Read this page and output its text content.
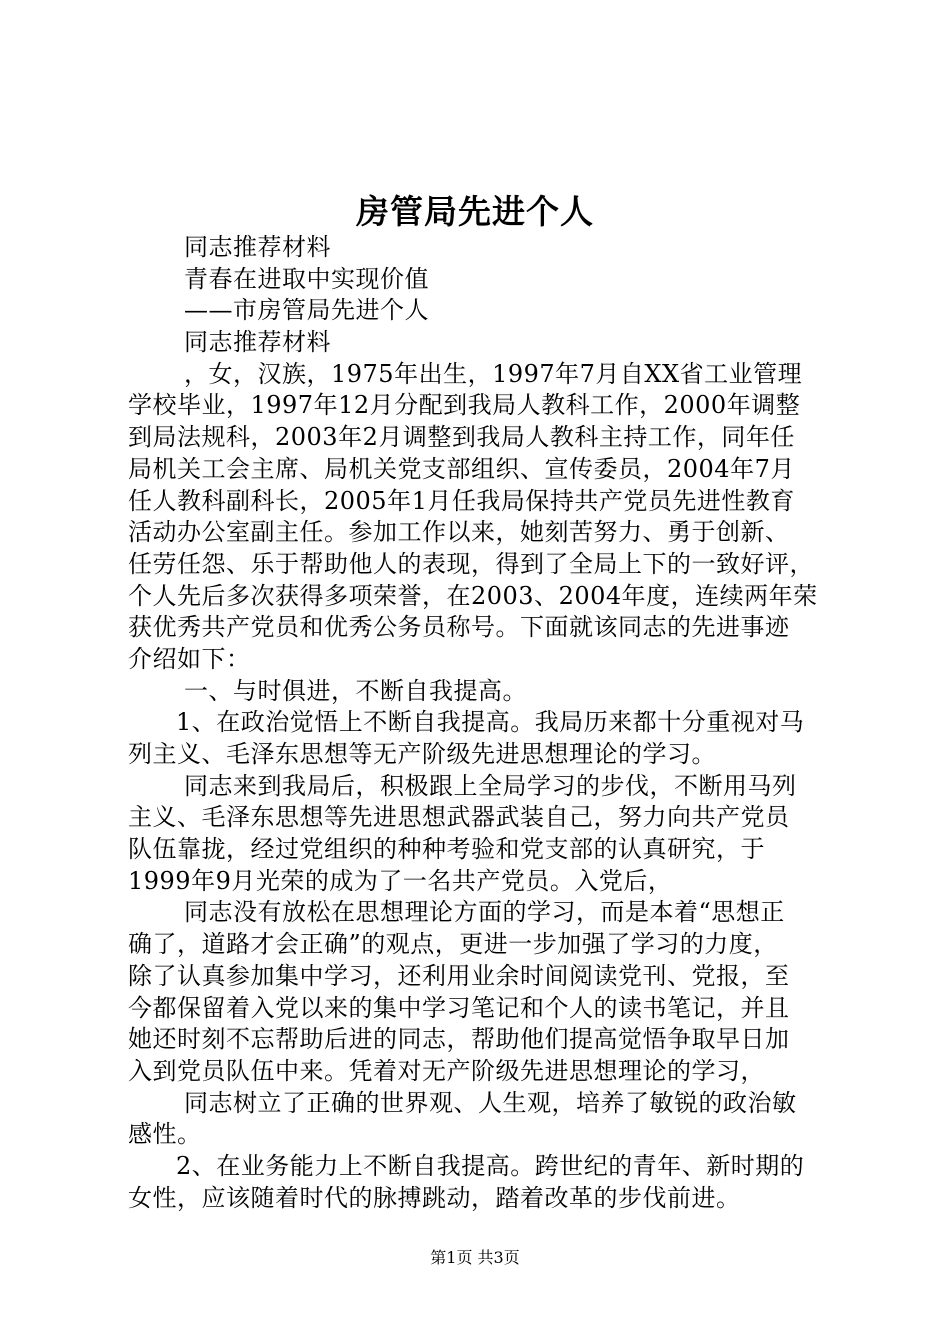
房管局先进个人
同志推荐材料
青春在进取中实现价值
——市房管局先进个人
同志推荐材料
，女，汉族，1975年出生，1997年7月自XX省工业管理
学校毕业，1997年12月分配到我局人教科工作，2000年调整
到局法规科，2003年2月调整到我局人教科主持工作，同年任
局机关工会主席、局机关党支部组织、宣传委员，2004年7月
任人教科副科长，2005年1月任我局保持共产党员先进性教育
活动办公室副主任。参加工作以来，她刻苦努力、勇于创新、
任劳任怨、乐于帮助他人的表现，得到了全局上下的一致好评，
个人先后多次获得多项荣誉，在2003、2004年度，连续两年荣
获优秀共产党员和优秀公务员称号。下面就该同志的先进事迹
介绍如下：
一、与时俱进，不断自我提高。
1、在政治觉悟上不断自我提高。我局历来都十分重视对马
列主义、毛泽东思想等无产阶级先进思想理论的学习。
同志来到我局后，积极跟上全局学习的步伐，不断用马列
主义、毛泽东思想等先进思想武器武装自己，努力向共产党员
队伍靠拢，经过党组织的种种考验和党支部的认真研究，于
1999年9月光荣的成为了一名共产党员。入党后，
同志没有放松在思想理论方面的学习，而是本着“思想正
确了，道路才会正确”的观点，更进一步加强了学习的力度，
除了认真参加集中学习，还利用业余时间阅读党刊、党报，至
今都保留着入党以来的集中学习笔记和个人的读书笔记，并且
她还时刻不忘帮助后进的同志，帮助他们提高觉悟争取早日加
入到党员队伍中来。凭着对无产阶级先进思想理论的学习，
同志树立了正确的世界观、人生观，培养了敏锐的政治敏
感性。
2、在业务能力上不断自我提高。跨世纪的青年、新时期的
女性，应该随着时代的脉搏跳动，踏着改革的步伐前进。
第1页 共3页
